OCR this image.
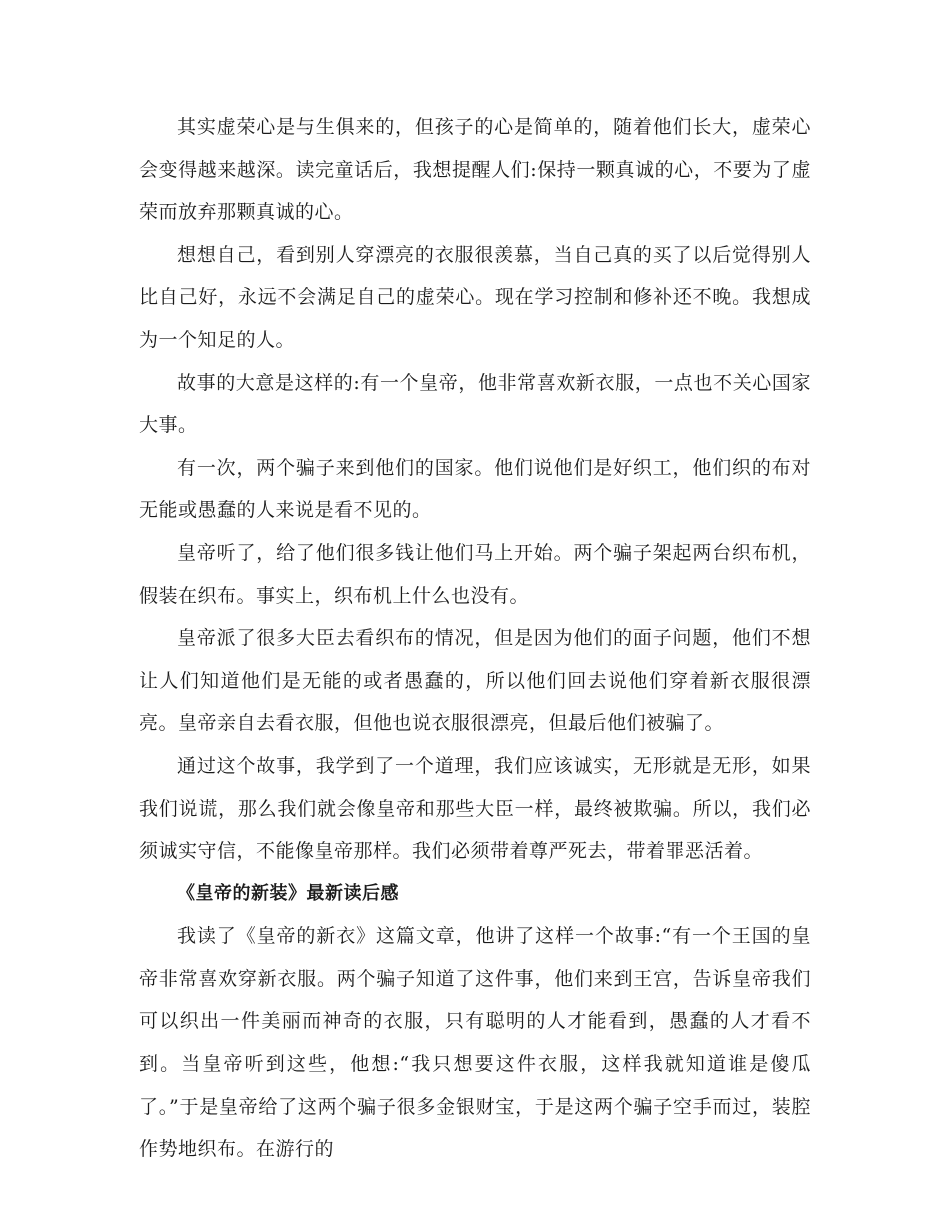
其实虚荣心是与生俱来的，但孩子的心是简单的，随着他们长大，虚荣心会变得越来越深。读完童话后，我想提醒人们:保持一颗真诚的心，不要为了虚荣而放弃那颗真诚的心。

想想自己，看到别人穿漂亮的衣服很羡慕，当自己真的买了以后觉得别人比自己好，永远不会满足自己的虚荣心。现在学习控制和修补还不晚。我想成为一个知足的人。

故事的大意是这样的:有一个皇帝，他非常喜欢新衣服，一点也不关心国家大事。

有一次，两个骗子来到他们的国家。他们说他们是好织工，他们织的布对无能或愚蠢的人来说是看不见的。

皇帝听了，给了他们很多钱让他们马上开始。两个骗子架起两台织布机，假装在织布。事实上，织布机上什么也没有。

皇帝派了很多大臣去看织布的情况，但是因为他们的面子问题，他们不想让人们知道他们是无能的或者愚蠢的，所以他们回去说他们穿着新衣服很漂亮。皇帝亲自去看衣服，但他也说衣服很漂亮，但最后他们被骗了。

通过这个故事，我学到了一个道理，我们应该诚实，无形就是无形，如果我们说谎，那么我们就会像皇帝和那些大臣一样，最终被欺骗。所以，我们必须诚实守信，不能像皇帝那样。我们必须带着尊严死去，带着罪恶活着。

《皇帝的新装》最新读后感

我读了《皇帝的新衣》这篇文章，他讲了这样一个故事:“有一个王国的皇帝非常喜欢穿新衣服。两个骗子知道了这件事，他们来到王宫，告诉皇帝我们可以织出一件美丽而神奇的衣服，只有聪明的人才能看到，愚蠢的人才看不到。当皇帝听到这些，他想:“我只想要这件衣服，这样我就知道谁是傻瓜了。”于是皇帝给了这两个骗子很多金银财宝，于是这两个骗子空手而过，装腔作势地织布。在游行的
